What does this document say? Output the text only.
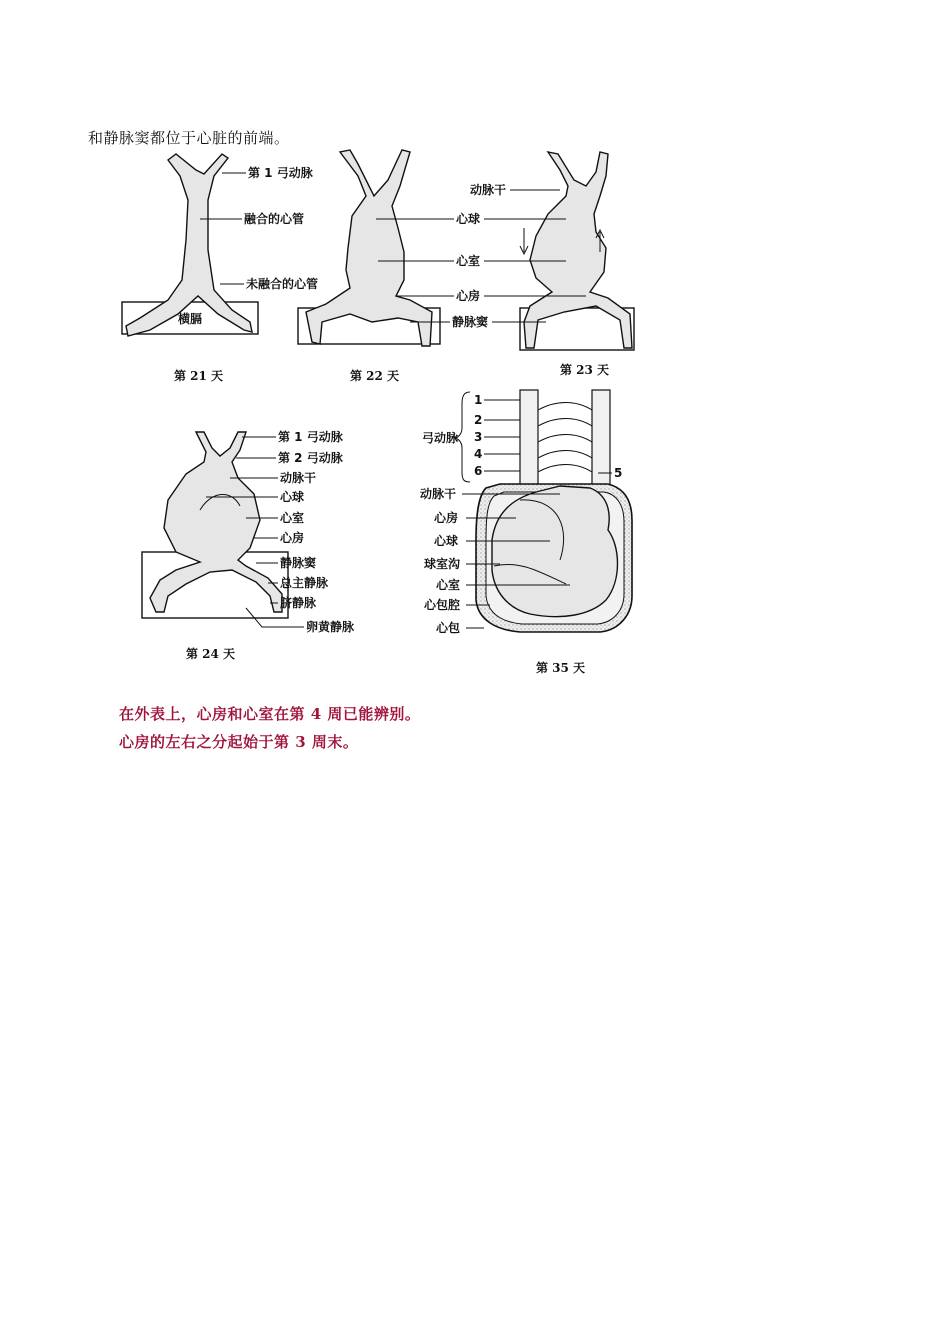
和静脉窦都位于心脏的前端。
第 1 弓动脉
融合的心管
未融合的心管
横膈
第 21 天
心球
心室
心房
静脉窦
第 22 天
动脉干
第 23 天
第 1 弓动脉
第 2 弓动脉
动脉干
心球
心室
心房
静脉窦
总主静脉
脐静脉
卵黄静脉
第 24 天
1
2
3
4
6	5
弓动脉
动脉干
心房
心球
球室沟
心室
心包腔
心包
第 35 天
在外表上，心房和心室在第 4 周已能辨别。
心房的左右之分起始于第 3 周末。
